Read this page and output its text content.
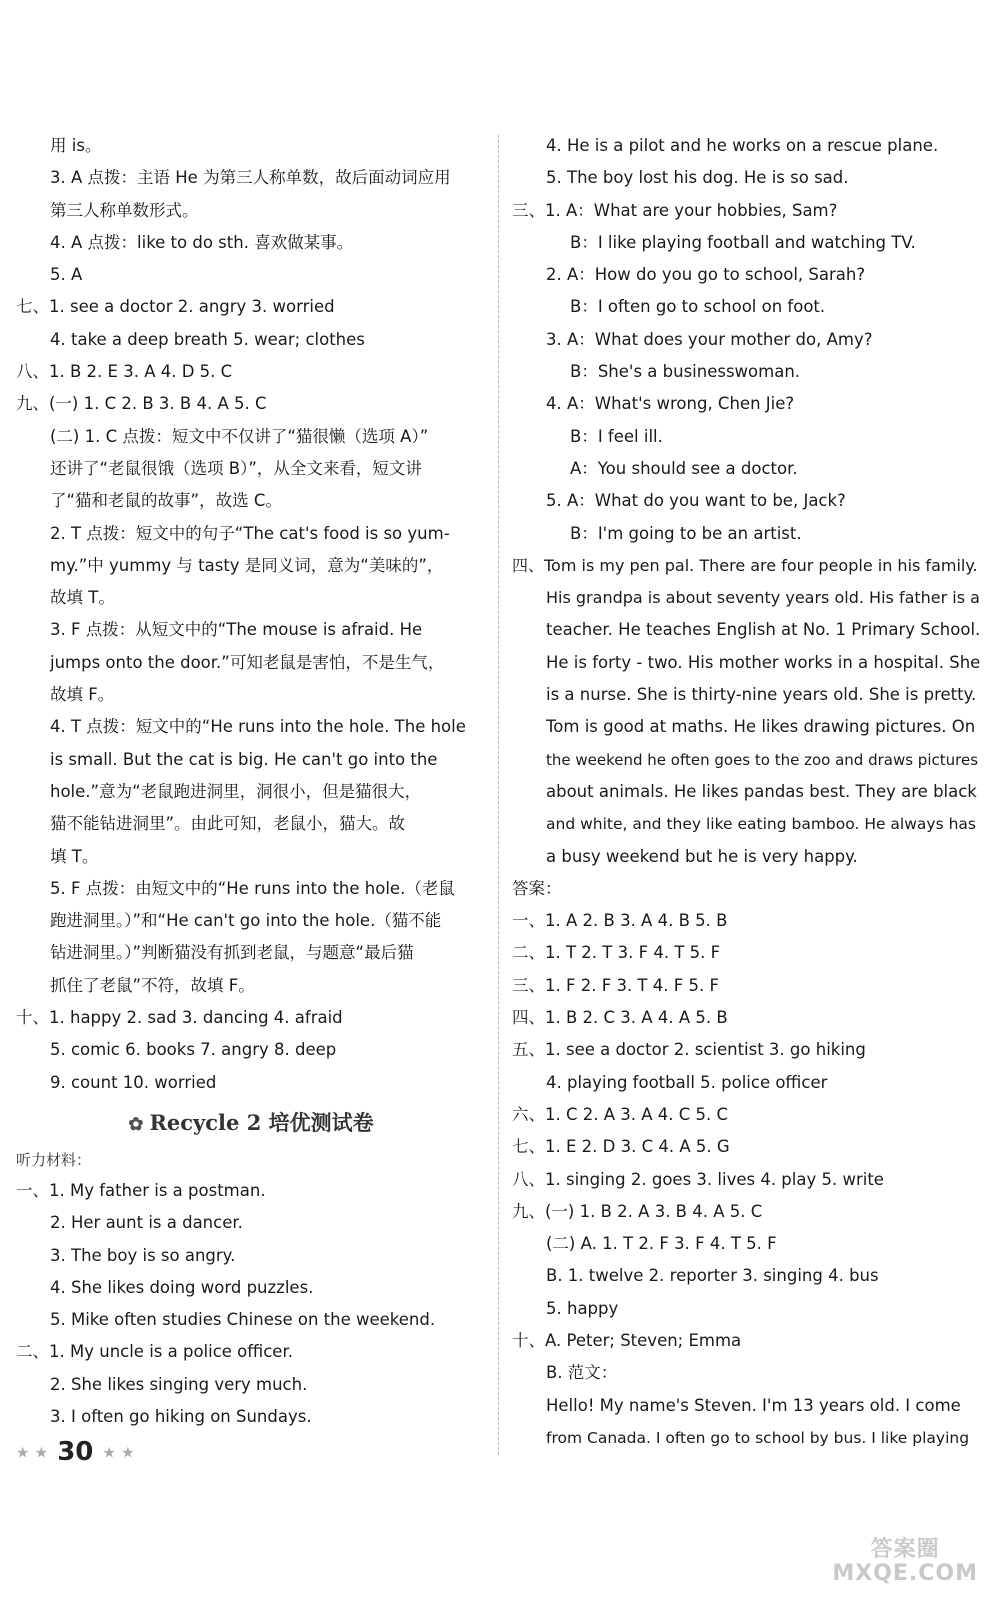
用 is。
3. A 点拨：主语 He 为第三人称单数，故后面动词应用
第三人称单数形式。
4. A 点拨：like to do sth. 喜欢做某事。
5. A
七、1. see a doctor 2. angry 3. worried
4. take a deep breath 5. wear; clothes
八、1. B 2. E 3. A 4. D 5. C
九、(一) 1. C 2. B 3. B 4. A 5. C
(二) 1. C 点拨：短文中不仅讲了“猫很懒（选项 A）”
还讲了“老鼠很饿（选项 B）”，从全文来看，短文讲
了“猫和老鼠的故事”，故选 C。
2. T 点拨：短文中的句子“The cat's food is so yum-
my.”中 yummy 与 tasty 是同义词，意为“美味的”，
故填 T。
3. F 点拨：从短文中的“The mouse is afraid. He
jumps onto the door.”可知老鼠是害怕，不是生气，
故填 F。
4. T 点拨：短文中的“He runs into the hole. The hole
is small. But the cat is big. He can't go into the
hole.”意为“老鼠跑进洞里，洞很小，但是猫很大，
猫不能钻进洞里”。由此可知，老鼠小，猫大。故
填 T。
5. F 点拨：由短文中的“He runs into the hole.（老鼠
跑进洞里。）”和“He can't go into the hole.（猫不能
钻进洞里。）”判断猫没有抓到老鼠，与题意“最后猫
抓住了老鼠”不符，故填 F。
十、1. happy 2. sad 3. dancing 4. afraid
5. comic 6. books 7. angry 8. deep
9. count 10. worried
✿ Recycle 2 培优测试卷
听力材料：
一、1. My father is a postman.
2. Her aunt is a dancer.
3. The boy is so angry.
4. She likes doing word puzzles.
5. Mike often studies Chinese on the weekend.
二、1. My uncle is a police officer.
2. She likes singing very much.
3. I often go hiking on Sundays.
4. He is a pilot and he works on a rescue plane.
5. The boy lost his dog. He is so sad.
三、1. A：What are your hobbies, Sam?
B：I like playing football and watching TV.
2. A：How do you go to school, Sarah?
B：I often go to school on foot.
3. A：What does your mother do, Amy?
B：She's a businesswoman.
4. A：What's wrong, Chen Jie?
B：I feel ill.
A：You should see a doctor.
5. A：What do you want to be, Jack?
B：I'm going to be an artist.
四、Tom is my pen pal. There are four people in his family.
His grandpa is about seventy years old. His father is a
teacher. He teaches English at No. 1 Primary School.
He is forty - two. His mother works in a hospital. She
is a nurse. She is thirty-nine years old. She is pretty.
Tom is good at maths. He likes drawing pictures. On
the weekend he often goes to the zoo and draws pictures
about animals. He likes pandas best. They are black
and white, and they like eating bamboo. He always has
a busy weekend but he is very happy.
答案：
一、1. A 2. B 3. A 4. B 5. B
二、1. T 2. T 3. F 4. T 5. F
三、1. F 2. F 3. T 4. F 5. F
四、1. B 2. C 3. A 4. A 5. B
五、1. see a doctor 2. scientist 3. go hiking
4. playing football 5. police officer
六、1. C 2. A 3. A 4. C 5. C
七、1. E 2. D 3. C 4. A 5. G
八、1. singing 2. goes 3. lives 4. play 5. write
九、(一) 1. B 2. A 3. B 4. A 5. C
(二) A. 1. T 2. F 3. F 4. T 5. F
B. 1. twelve 2. reporter 3. singing 4. bus
5. happy
十、A. Peter; Steven; Emma
B. 范文：
Hello! My name's Steven. I'm 13 years old. I come
from Canada. I often go to school by bus. I like playing
★ ★ 30 ★ ★
答案圈
MXQE.COM
